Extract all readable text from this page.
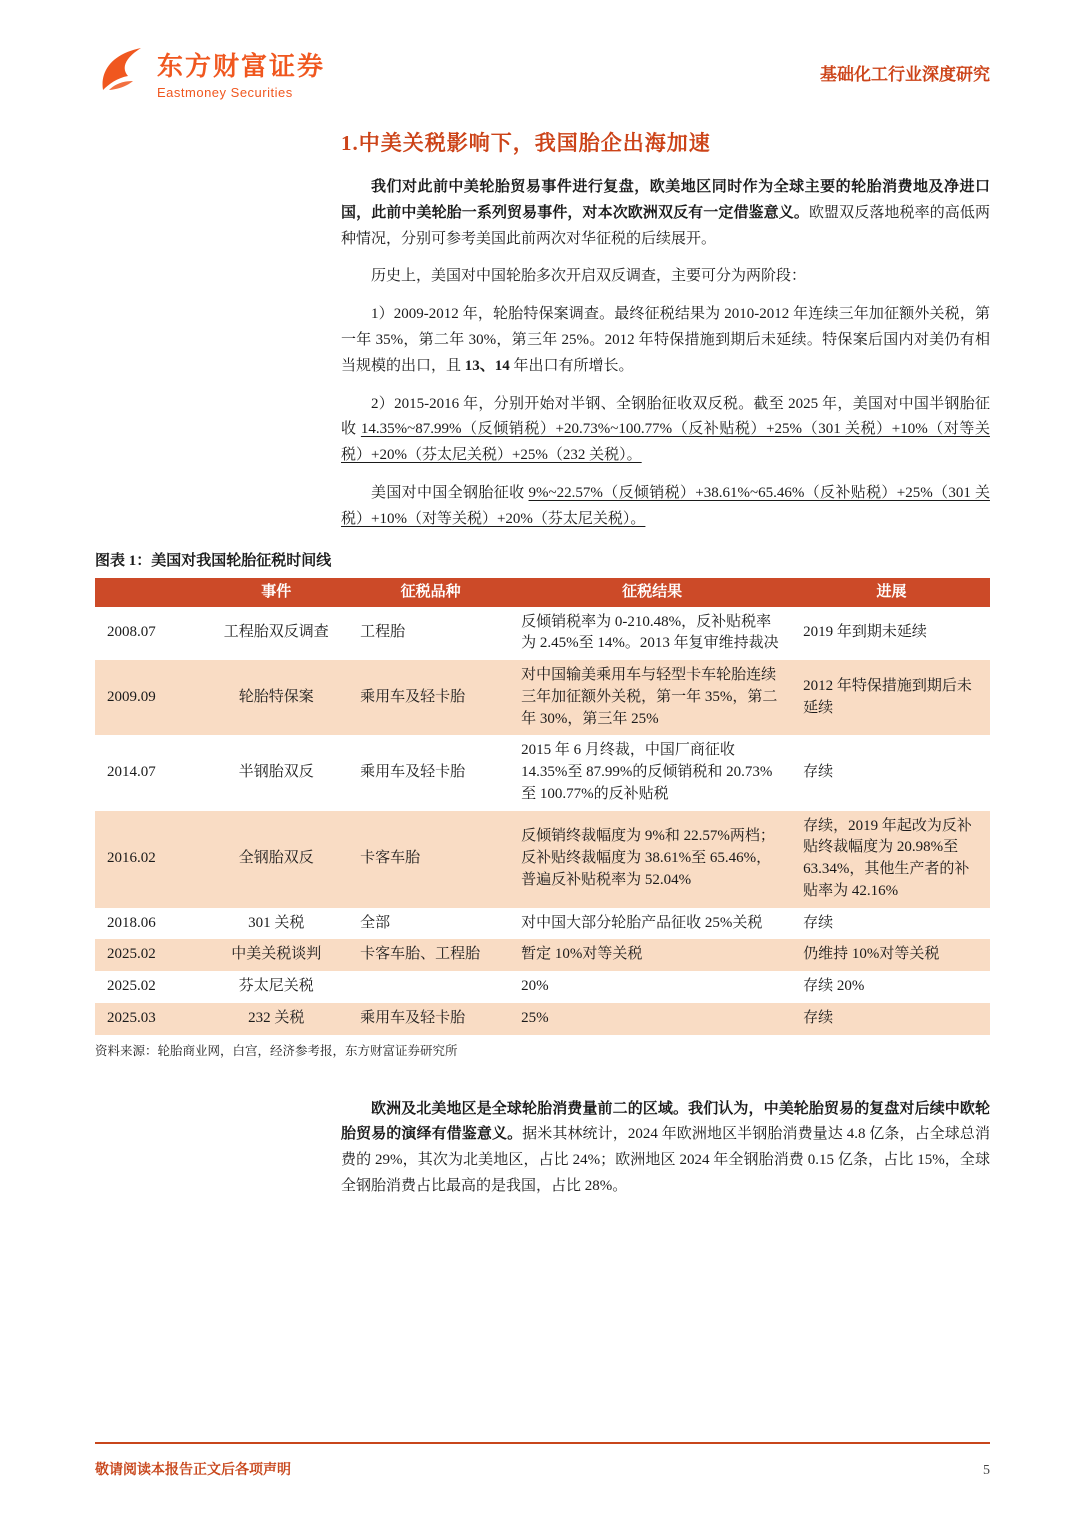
东方财富证券
Eastmoney Securities
基础化工行业深度研究
1.中美关税影响下，我国胎企出海加速

我们对此前中美轮胎贸易事件进行复盘，欧美地区同时作为全球主要的轮胎消费地及净进口国，此前中美轮胎一系列贸易事件，对本次欧洲双反有一定借鉴意义。欧盟双反落地税率的高低两种情况，分别可参考美国此前两次对华征税的后续展开。

历史上，美国对中国轮胎多次开启双反调查，主要可分为两阶段：

1）2009-2012 年，轮胎特保案调查。最终征税结果为 2010-2012 年连续三年加征额外关税，第一年 35%，第二年 30%，第三年 25%。2012 年特保措施到期后未延续。特保案后国内对美仍有相当规模的出口，且 13、14 年出口有所增长。

2）2015-2016 年，分别开始对半钢、全钢胎征收双反税。截至 2025 年，美国对中国半钢胎征收 14.35%~87.99%（反倾销税）+20.73%~100.77%（反补贴税）+25%（301 关税）+10%（对等关税）+20%（芬太尼关税）+25%（232 关税）。

美国对中国全钢胎征收 9%~22.57%（反倾销税）+38.61%~65.46%（反补贴税）+25%（301 关税）+10%（对等关税）+20%（芬太尼关税）。

图表 1：美国对我国轮胎征税时间线
	事件	征税品种	征税结果	进展
2008.07	工程胎双反调查	工程胎	反倾销税率为 0-210.48%，反补贴税率为 2.45%至 14%。2013 年复审维持裁决	2019 年到期未延续
2009.09	轮胎特保案	乘用车及轻卡胎	对中国输美乘用车与轻型卡车轮胎连续三年加征额外关税，第一年 35%，第二年 30%，第三年 25%	2012 年特保措施到期后未延续
2014.07	半钢胎双反	乘用车及轻卡胎	2015 年 6 月终裁，中国厂商征收 14.35%至 87.99%的反倾销税和 20.73%至 100.77%的反补贴税	存续
2016.02	全钢胎双反	卡客车胎	反倾销终裁幅度为 9%和 22.57%两档；反补贴终裁幅度为 38.61%至 65.46%，普遍反补贴税率为 52.04%	存续，2019 年起改为反补贴终裁幅度为 20.98%至 63.34%，其他生产者的补贴率为 42.16%
2018.06	301 关税	全部	对中国大部分轮胎产品征收 25%关税	存续
2025.02	中美关税谈判	卡客车胎、工程胎	暂定 10%对等关税	仍维持 10%对等关税
2025.02	芬太尼关税		20%	存续 20%
2025.03	232 关税	乘用车及轻卡胎	25%	存续
资料来源：轮胎商业网，白宫，经济参考报，东方财富证券研究所

欧洲及北美地区是全球轮胎消费量前二的区域。我们认为，中美轮胎贸易的复盘对后续中欧轮胎贸易的演绎有借鉴意义。据米其林统计，2024 年欧洲地区半钢胎消费量达 4.8 亿条，占全球总消费的 29%，其次为北美地区，占比 24%；欧洲地区 2024 年全钢胎消费 0.15 亿条，占比 15%，全球全钢胎消费占比最高的是我国，占比 28%。

敬请阅读本报告正文后各项声明	5
